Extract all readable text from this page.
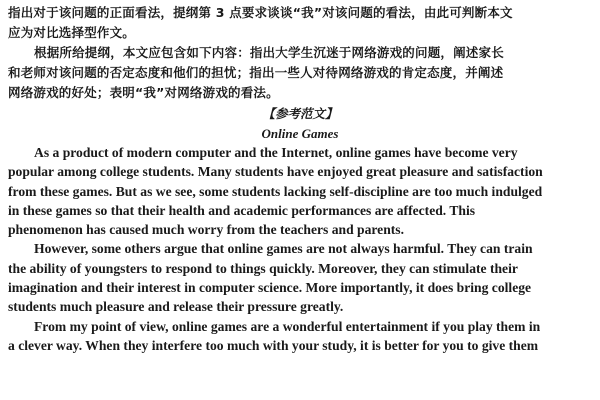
指出对于该问题的正面看法，提纲第 3 点要求谈谈“我”对该问题的看法，由此可判断本文
应为对比选择型作文。

根据所给提纲，本文应包含如下内容：指出大学生沉迷于网络游戏的问题，阐述家长
和老师对该问题的否定态度和他们的担忧；指出一些人对待网络游戏的肯定态度，并阐述
网络游戏的好处；表明“我”对网络游戏的看法。

【参考范文】
Online Games

As a product of modern computer and the Internet, online games have become very
popular among college students. Many students have enjoyed great pleasure and satisfaction
from these games. But as we see, some students lacking self-discipline are too much indulged
in these games so that their health and academic performances are affected. This
phenomenon has caused much worry from the teachers and parents.

However, some others argue that online games are not always harmful. They can train
the ability of youngsters to respond to things quickly. Moreover, they can stimulate their
imagination and their interest in computer science. More importantly, it does bring college
students much pleasure and release their pressure greatly.

From my point of view, online games are a wonderful entertainment if you play them in
a clever way. When they interfere too much with your study, it is better for you to give them
